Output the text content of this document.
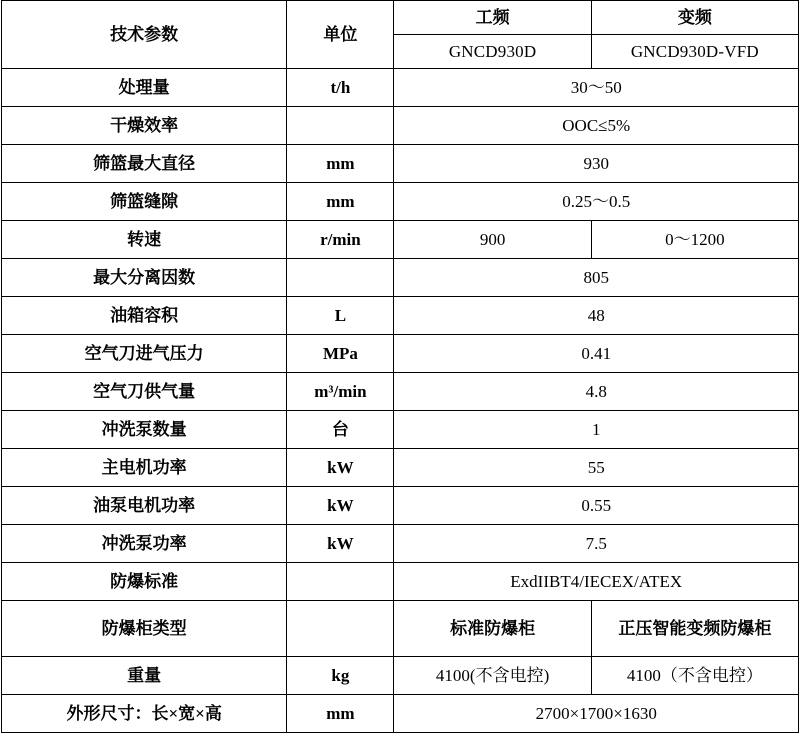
技术参数	单位	工频	变频
		GNCD930D	GNCD930D-VFD
处理量	t/h	30～50	
干燥效率		OOC≤5%	
筛篮最大直径	mm	930	
筛篮缝隙	mm	0.25～0.5	
转速	r/min	900	0～1200
最大分离因数		805	
油箱容积	L	48	
空气刀进气压力	MPa	0.41	
空气刀供气量	m³/min	4.8	
冲洗泵数量	台	1	
主电机功率	kW	55	
油泵电机功率	kW	0.55	
冲洗泵功率	kW	7.5	
防爆标准		ExdIIBT4/IECEX/ATEX	
防爆柜类型		标准防爆柜	正压智能变频防爆柜
重量	kg	4100(不含电控)	4100（不含电控）
外形尺寸：长×宽×高	mm	2700×1700×1630	
